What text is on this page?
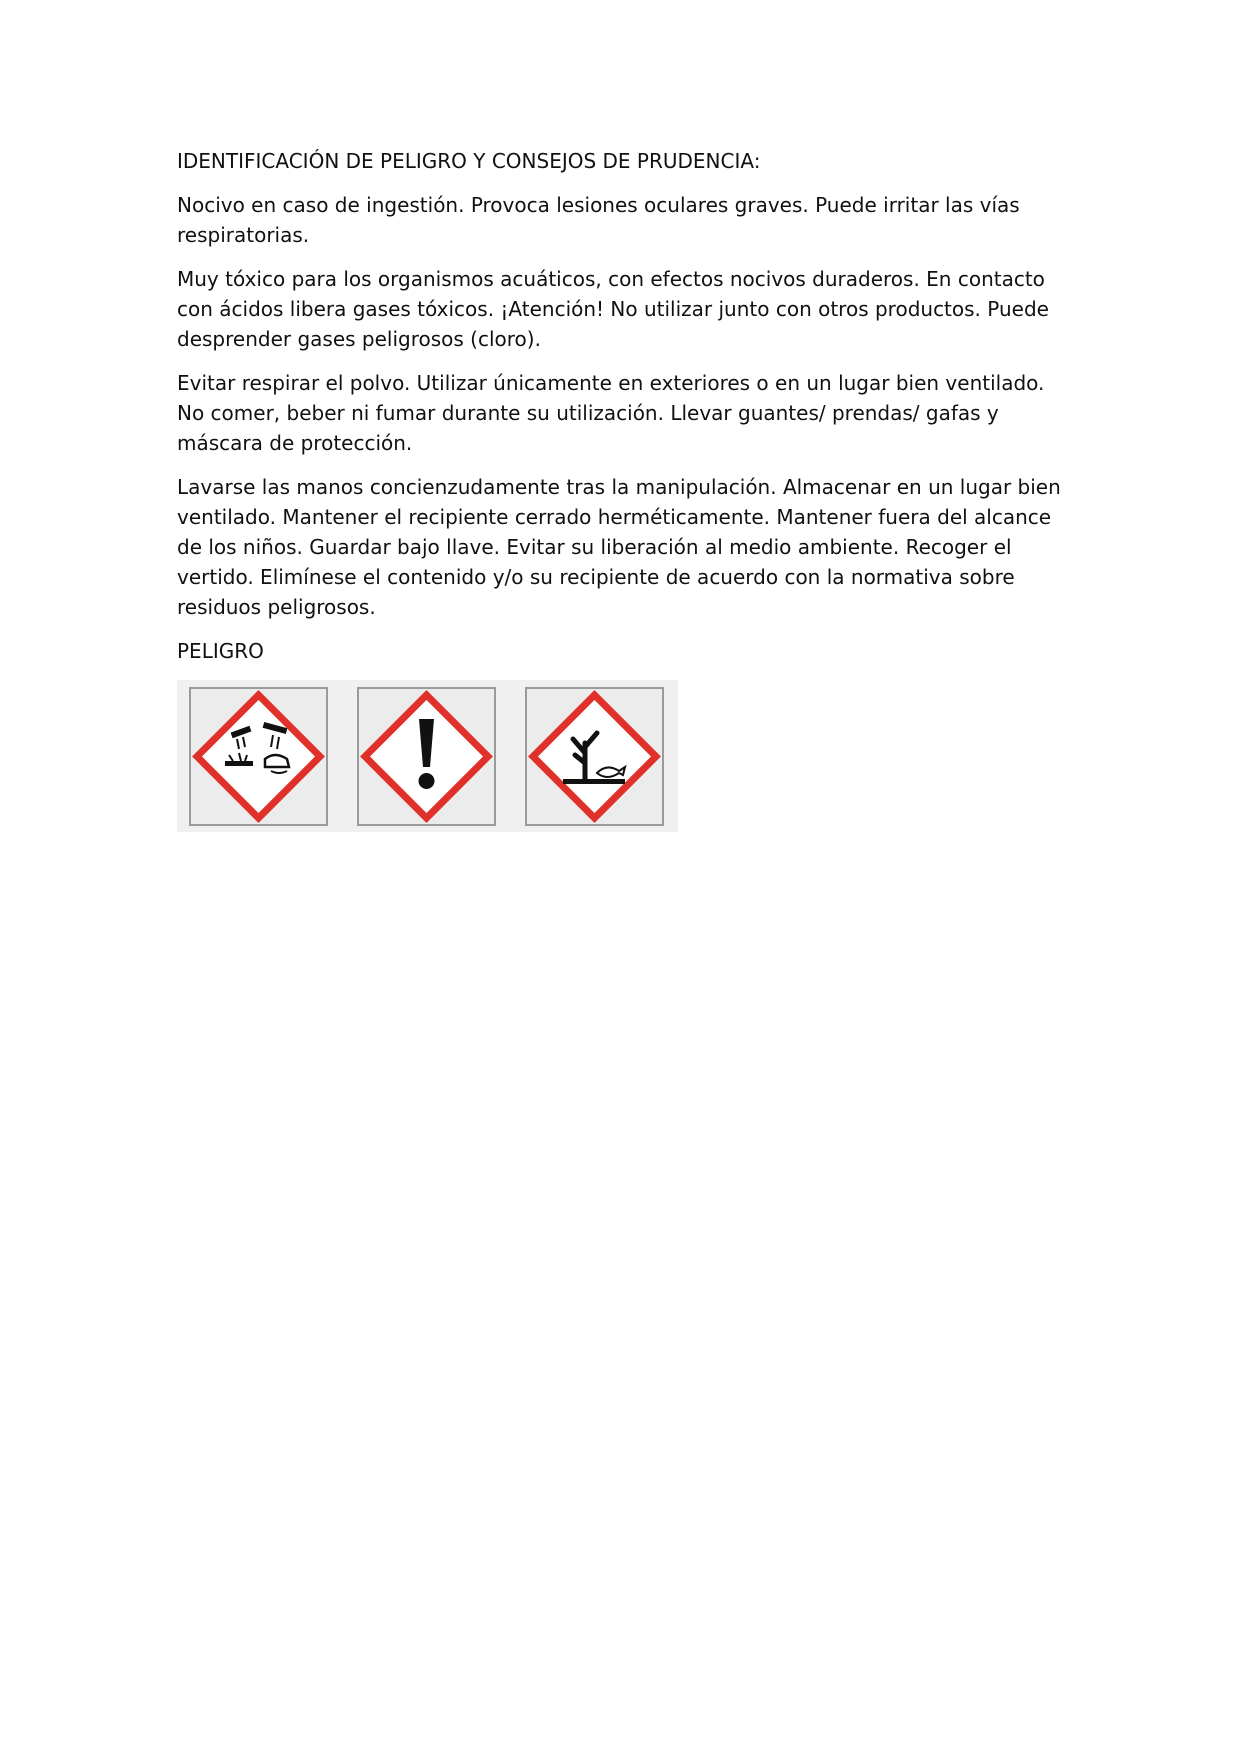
IDENTIFICACIÓN DE PELIGRO Y CONSEJOS DE PRUDENCIA:

Nocivo en caso de ingestión. Provoca lesiones oculares graves. Puede irritar las vías respiratorias.

Muy tóxico para los organismos acuáticos, con efectos nocivos duraderos. En contacto con ácidos libera gases tóxicos. ¡Atención! No utilizar junto con otros productos. Puede desprender gases peligrosos (cloro).

Evitar respirar el polvo. Utilizar únicamente en exteriores o en un lugar bien ventilado. No comer, beber ni fumar durante su utilización. Llevar guantes/ prendas/ gafas y máscara de protección.

Lavarse las manos concienzudamente tras la manipulación. Almacenar en un lugar bien ventilado. Mantener el recipiente cerrado herméticamente. Mantener fuera del alcance de los niños. Guardar bajo llave. Evitar su liberación al medio ambiente. Recoger el vertido. Elimínese el contenido y/o su recipiente de acuerdo con la normativa sobre residuos peligrosos.

PELIGRO
